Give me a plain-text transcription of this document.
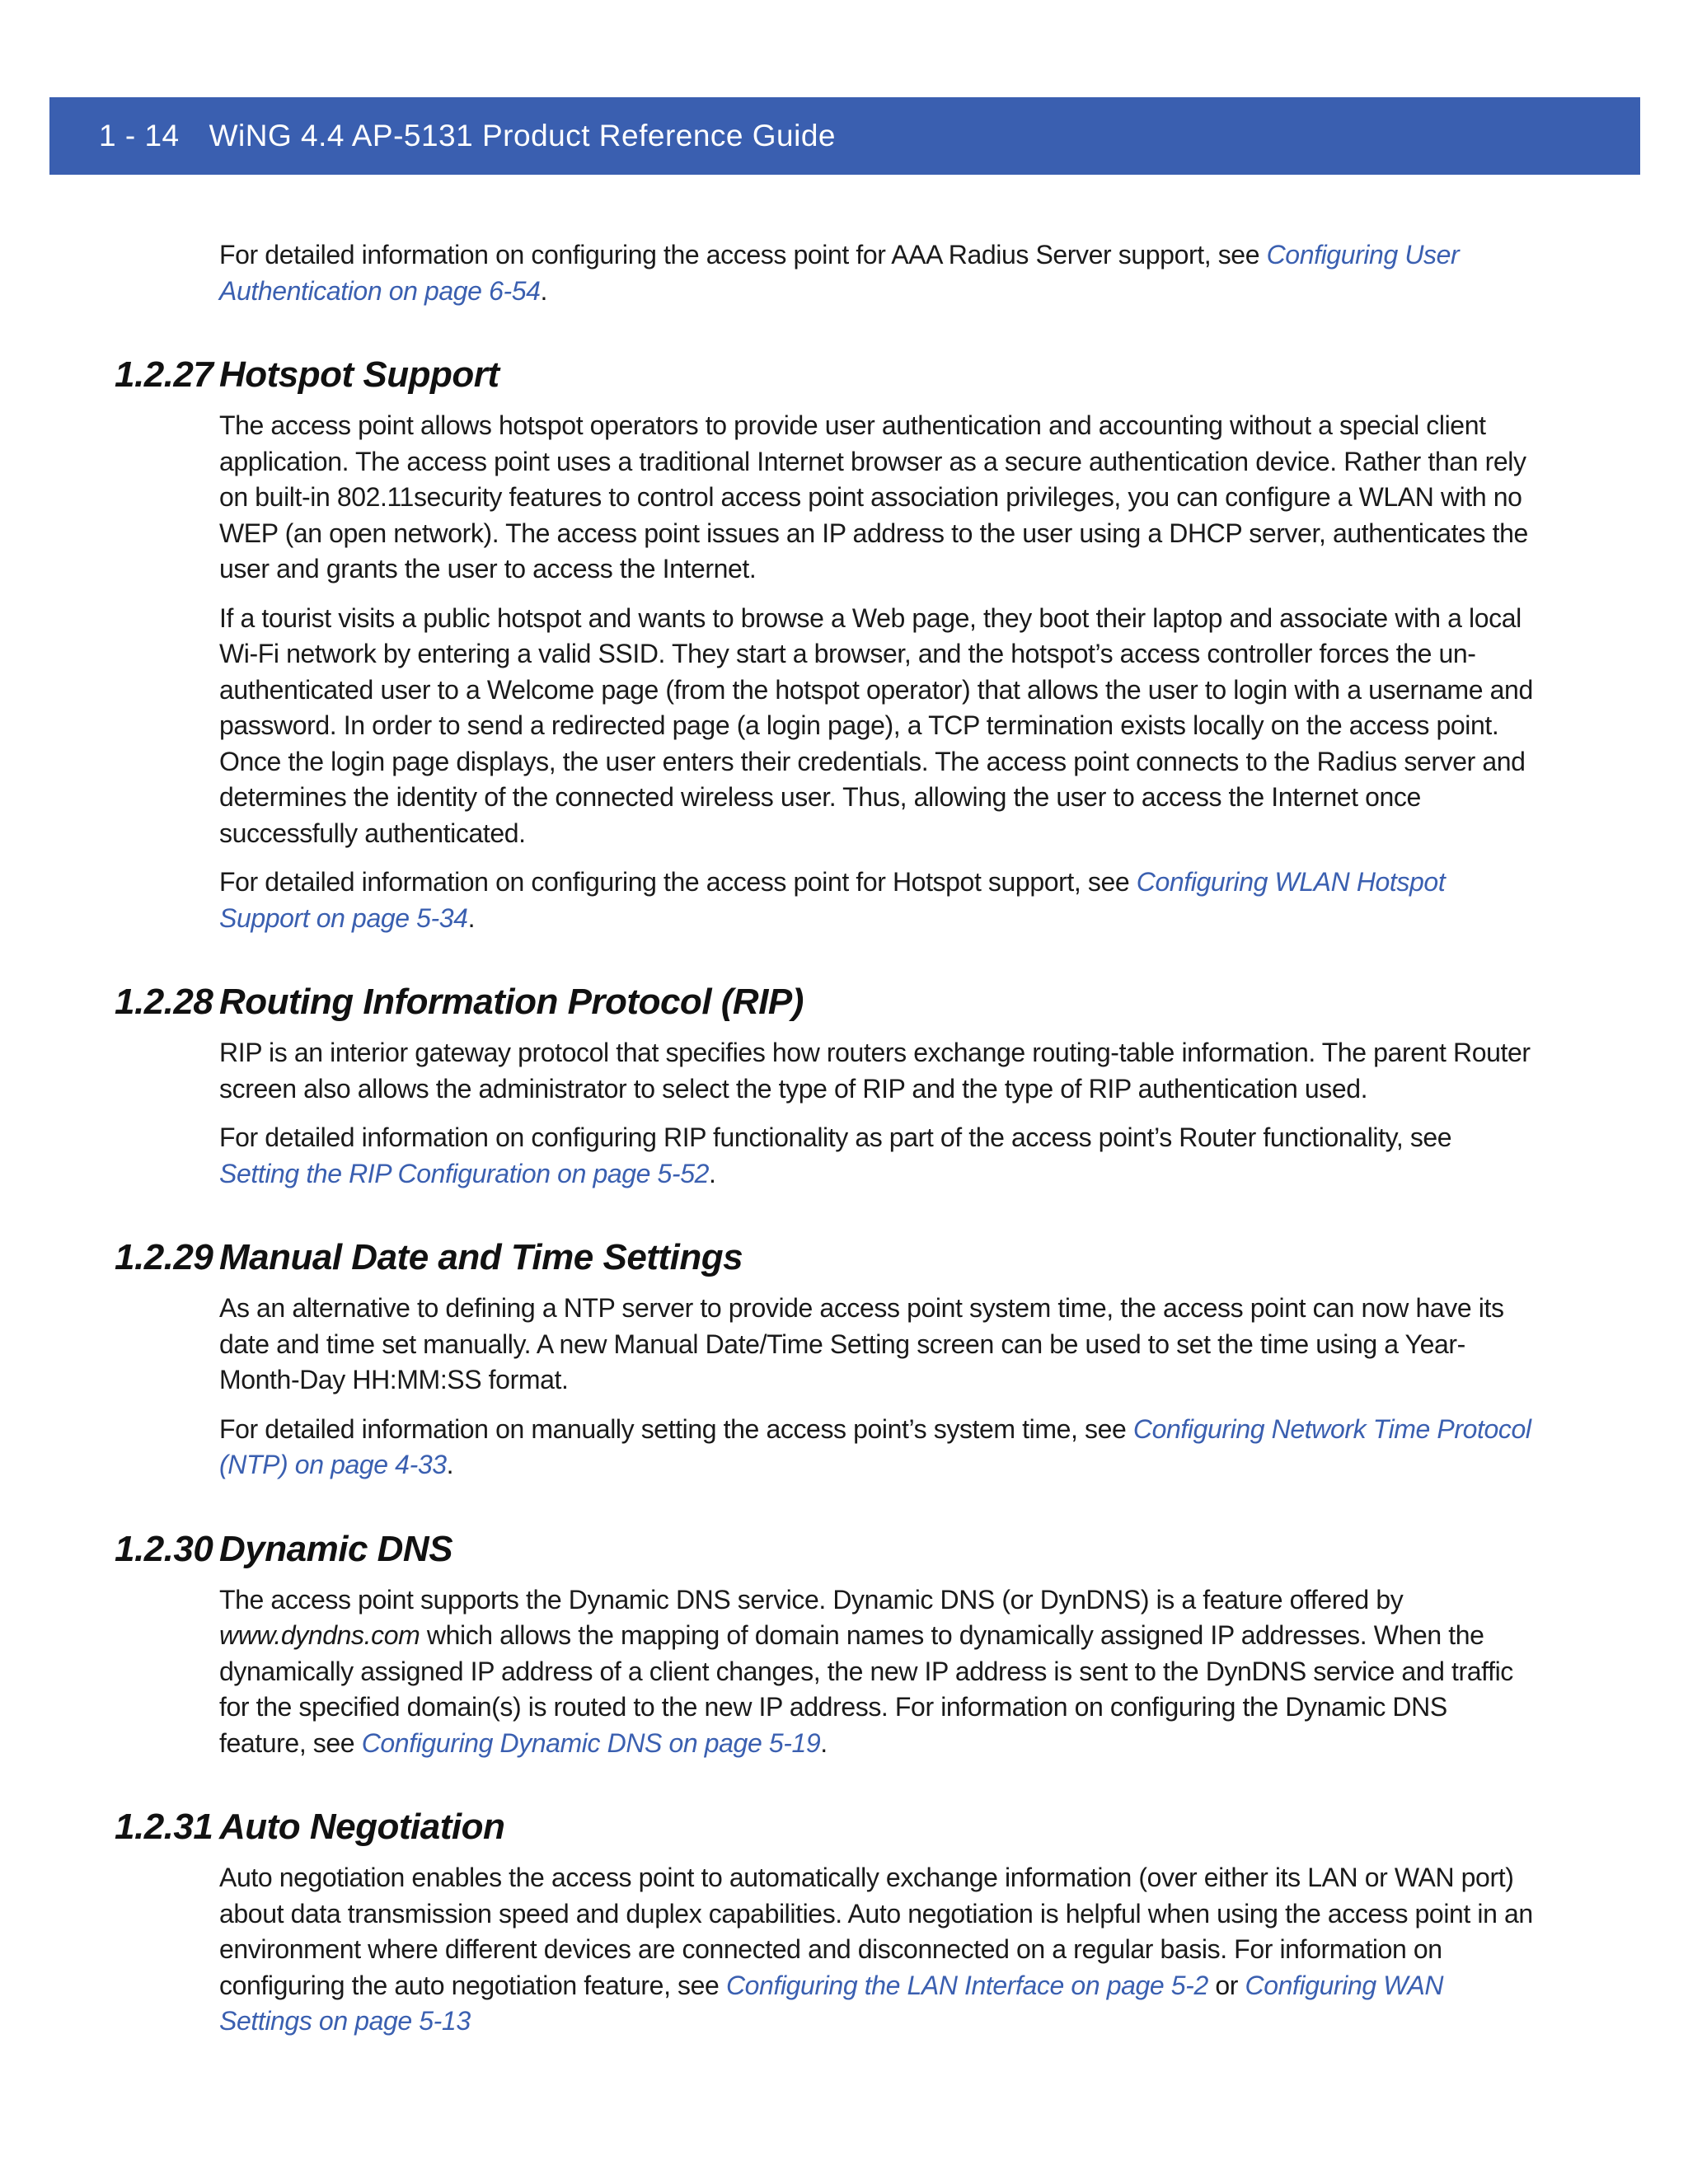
1 - 14 WiNG 4.4 AP-5131 Product Reference Guide

For detailed information on configuring the access point for AAA Radius Server support, see Configuring User Authentication on page 6-54.

1.2.27 Hotspot Support

The access point allows hotspot operators to provide user authentication and accounting without a special client application. The access point uses a traditional Internet browser as a secure authentication device. Rather than rely on built-in 802.11security features to control access point association privileges, you can configure a WLAN with no WEP (an open network). The access point issues an IP address to the user using a DHCP server, authenticates the user and grants the user to access the Internet.

If a tourist visits a public hotspot and wants to browse a Web page, they boot their laptop and associate with a local Wi-Fi network by entering a valid SSID. They start a browser, and the hotspot’s access controller forces the un-authenticated user to a Welcome page (from the hotspot operator) that allows the user to login with a username and password. In order to send a redirected page (a login page), a TCP termination exists locally on the access point. Once the login page displays, the user enters their credentials. The access point connects to the Radius server and determines the identity of the connected wireless user. Thus, allowing the user to access the Internet once successfully authenticated.

For detailed information on configuring the access point for Hotspot support, see Configuring WLAN Hotspot Support on page 5-34.

1.2.28 Routing Information Protocol (RIP)

RIP is an interior gateway protocol that specifies how routers exchange routing-table information. The parent Router screen also allows the administrator to select the type of RIP and the type of RIP authentication used.

For detailed information on configuring RIP functionality as part of the access point’s Router functionality, see Setting the RIP Configuration on page 5-52.

1.2.29 Manual Date and Time Settings

As an alternative to defining a NTP server to provide access point system time, the access point can now have its date and time set manually. A new Manual Date/Time Setting screen can be used to set the time using a Year-Month-Day HH:MM:SS format.

For detailed information on manually setting the access point’s system time, see Configuring Network Time Protocol (NTP) on page 4-33.

1.2.30 Dynamic DNS

The access point supports the Dynamic DNS service. Dynamic DNS (or DynDNS) is a feature offered by www.dyndns.com which allows the mapping of domain names to dynamically assigned IP addresses. When the dynamically assigned IP address of a client changes, the new IP address is sent to the DynDNS service and traffic for the specified domain(s) is routed to the new IP address. For information on configuring the Dynamic DNS feature, see Configuring Dynamic DNS on page 5-19.

1.2.31 Auto Negotiation

Auto negotiation enables the access point to automatically exchange information (over either its LAN or WAN port) about data transmission speed and duplex capabilities. Auto negotiation is helpful when using the access point in an environment where different devices are connected and disconnected on a regular basis. For information on configuring the auto negotiation feature, see Configuring the LAN Interface on page 5-2 or Configuring WAN Settings on page 5-13
